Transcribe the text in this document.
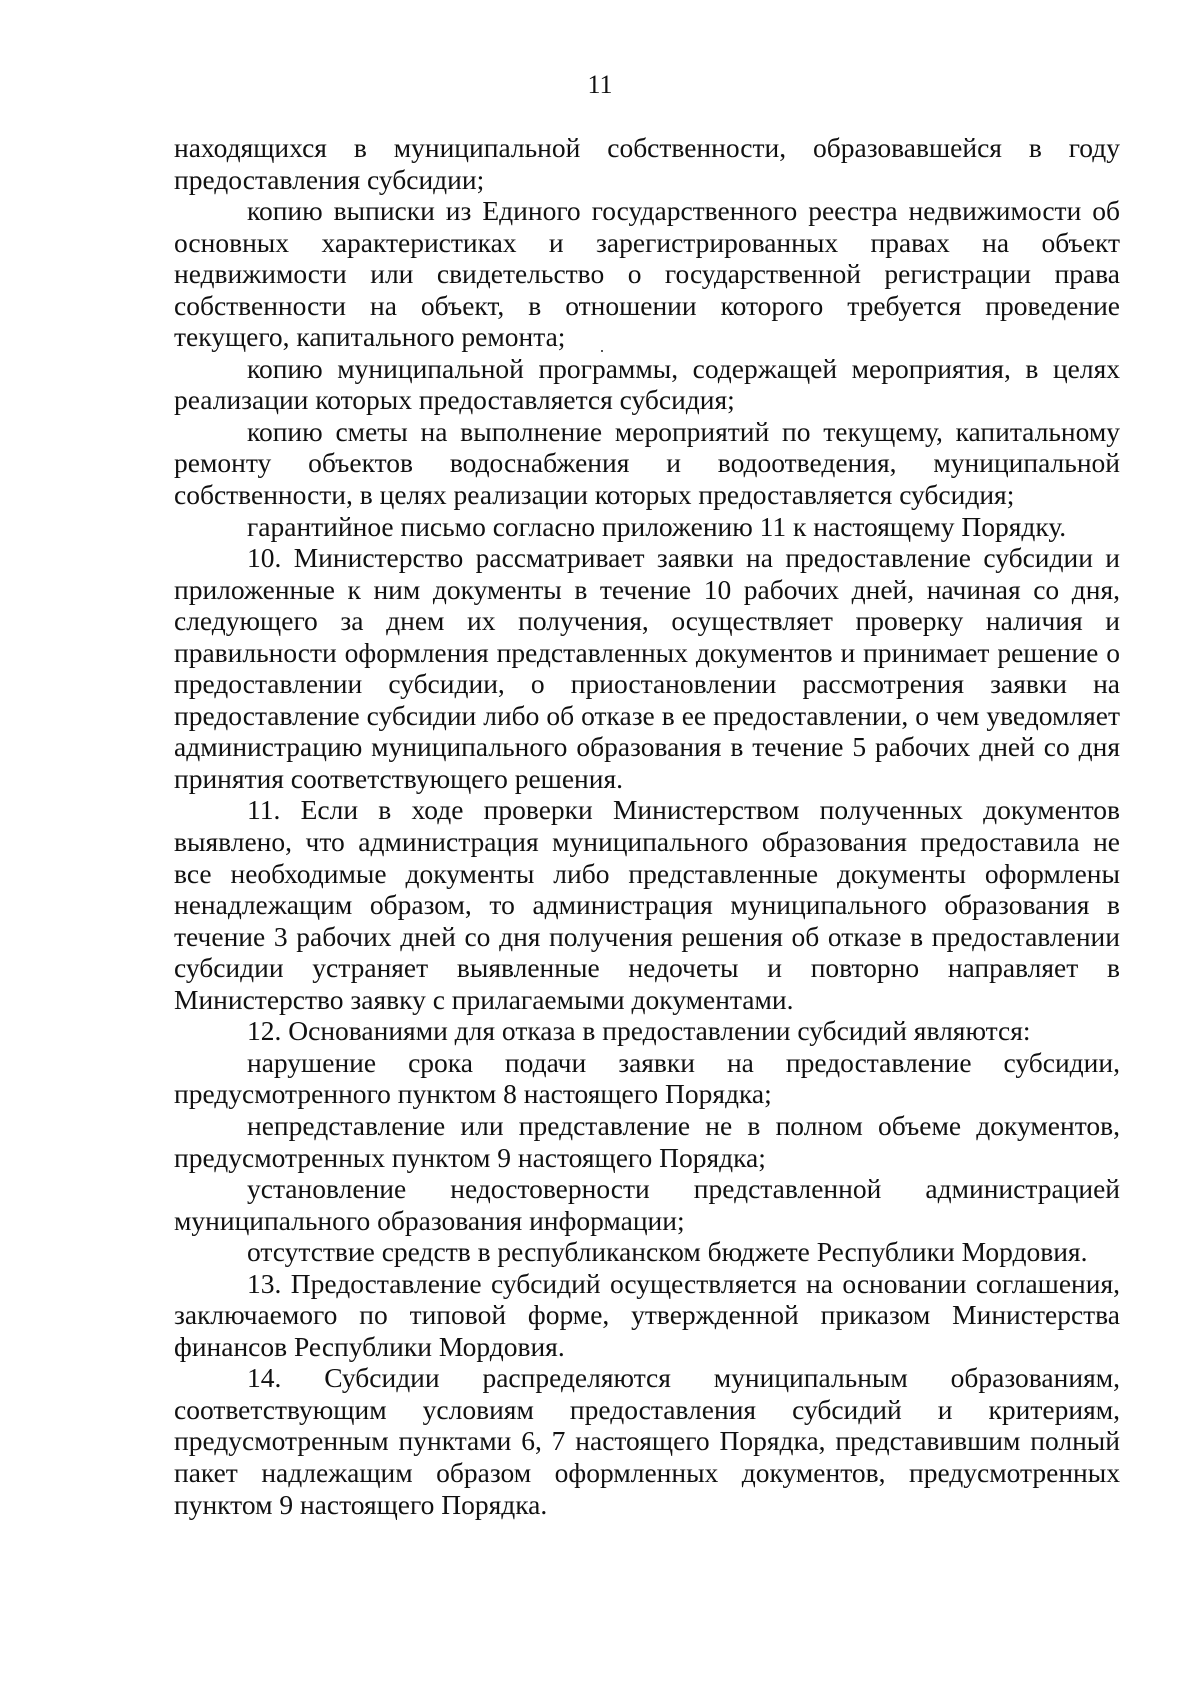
11

находящихся в муниципальной собственности, образовавшейся в году предоставления субсидии;

копию выписки из Единого государственного реестра недвижимости об основных характеристиках и зарегистрированных правах на объект недвижимости или свидетельство о государственной регистрации права собственности на объект, в отношении которого требуется проведение текущего, капитального ремонта;

копию муниципальной программы, содержащей мероприятия, в целях реализации которых предоставляется субсидия;

копию сметы на выполнение мероприятий по текущему, капитальному ремонту объектов водоснабжения и водоотведения, муниципальной собственности, в целях реализации которых предоставляется субсидия;

гарантийное письмо согласно приложению 11 к настоящему Порядку.

10. Министерство рассматривает заявки на предоставление субсидии и приложенные к ним документы в течение 10 рабочих дней, начиная со дня, следующего за днем их получения, осуществляет проверку наличия и правильности оформления представленных документов и принимает решение о предоставлении субсидии, о приостановлении рассмотрения заявки на предоставление субсидии либо об отказе в ее предоставлении, о чем уведомляет администрацию муниципального образования в течение 5 рабочих дней со дня принятия соответствующего решения.

11. Если в ходе проверки Министерством полученных документов выявлено, что администрация муниципального образования предоставила не все необходимые документы либо представленные документы оформлены ненадлежащим образом, то администрация муниципального образования в течение 3 рабочих дней со дня получения решения об отказе в предоставлении субсидии устраняет выявленные недочеты и повторно направляет в Министерство заявку с прилагаемыми документами.

12. Основаниями для отказа в предоставлении субсидий являются:

нарушение срока подачи заявки на предоставление субсидии, предусмотренного пунктом 8 настоящего Порядка;

непредставление или представление не в полном объеме документов, предусмотренных пунктом 9 настоящего Порядка;

установление недостоверности представленной администрацией муниципального образования информации;

отсутствие средств в республиканском бюджете Республики Мордовия.

13. Предоставление субсидий осуществляется на основании соглашения, заключаемого по типовой форме, утвержденной приказом Министерства финансов Республики Мордовия.

14. Субсидии распределяются муниципальным образованиям, соответствующим условиям предоставления субсидий и критериям, предусмотренным пунктами 6, 7 настоящего Порядка, представившим полный пакет надлежащим образом оформленных документов, предусмотренных пунктом 9 настоящего Порядка.
